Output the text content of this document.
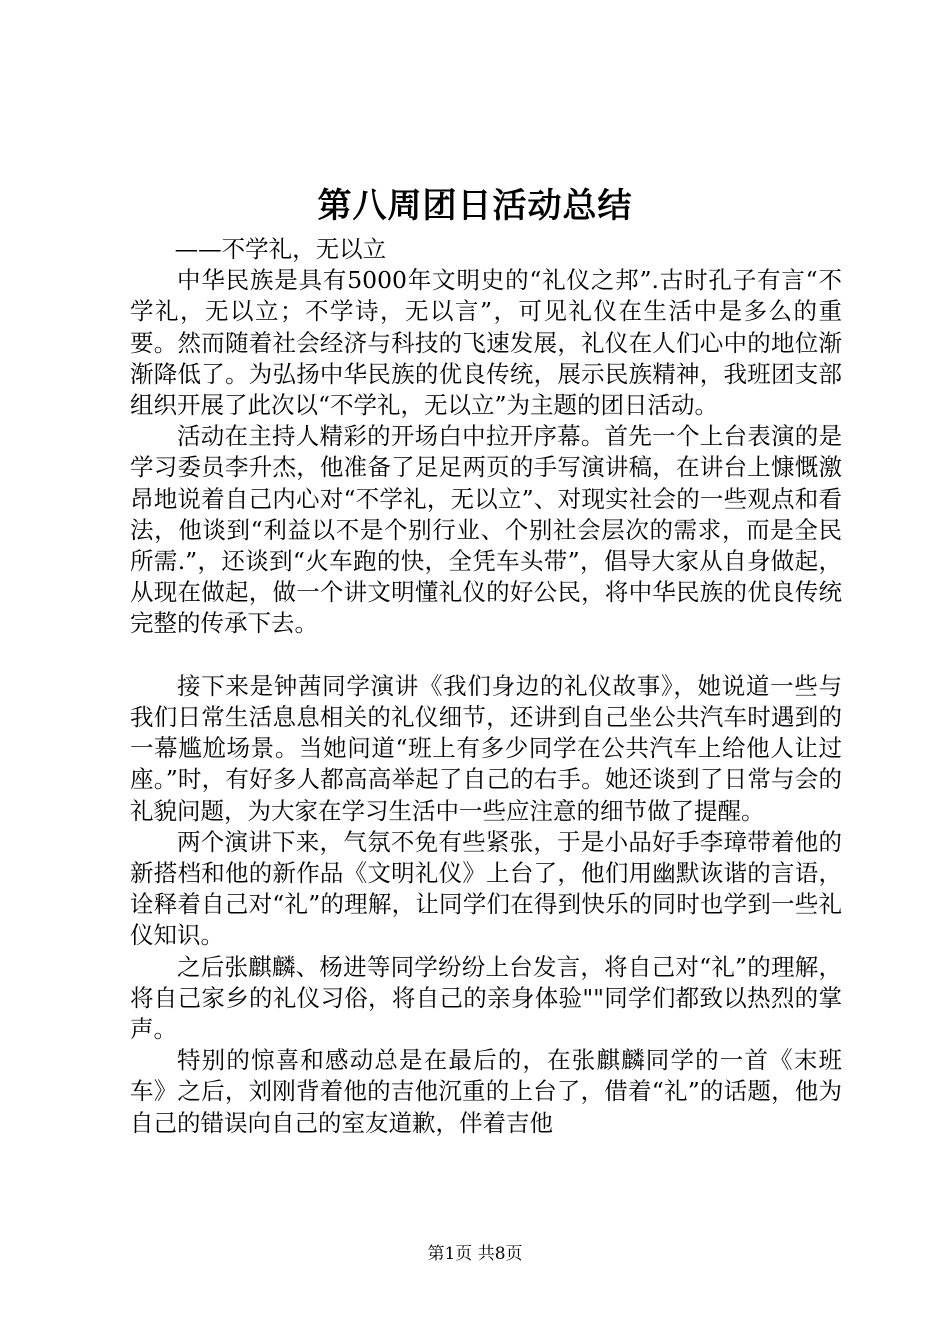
第八周团日活动总结

——不学礼，无以立

中华民族是具有5000年文明史的“礼仪之邦”.古时孔子有言“不学礼，无以立；不学诗，无以言”，可见礼仪在生活中是多么的重要。然而随着社会经济与科技的飞速发展，礼仪在人们心中的地位渐渐降低了。为弘扬中华民族的优良传统，展示民族精神，我班团支部组织开展了此次以“不学礼，无以立”为主题的团日活动。

活动在主持人精彩的开场白中拉开序幕。首先一个上台表演的是学习委员李升杰，他准备了足足两页的手写演讲稿，在讲台上慷慨激昂地说着自己内心对“不学礼，无以立”、对现实社会的一些观点和看法，他谈到“利益以不是个别行业、个别社会层次的需求，而是全民所需.”，还谈到“火车跑的快，全凭车头带”，倡导大家从自身做起，从现在做起，做一个讲文明懂礼仪的好公民，将中华民族的优良传统完整的传承下去。

接下来是钟茜同学演讲《我们身边的礼仪故事》，她说道一些与我们日常生活息息相关的礼仪细节，还讲到自己坐公共汽车时遇到的一幕尴尬场景。当她问道“班上有多少同学在公共汽车上给他人让过座。”时，有好多人都高高举起了自己的右手。她还谈到了日常与会的礼貌问题，为大家在学习生活中一些应注意的细节做了提醒。

两个演讲下来，气氛不免有些紧张，于是小品好手李璋带着他的新搭档和他的新作品《文明礼仪》上台了，他们用幽默诙谐的言语，诠释着自己对“礼”的理解，让同学们在得到快乐的同时也学到一些礼仪知识。

之后张麒麟、杨进等同学纷纷上台发言，将自己对“礼”的理解，将自己家乡的礼仪习俗，将自己的亲身体验""同学们都致以热烈的掌声。

特别的惊喜和感动总是在最后的，在张麒麟同学的一首《末班车》之后，刘刚背着他的吉他沉重的上台了，借着“礼”的话题，他为自己的错误向自己的室友道歉，伴着吉他

第1页 共8页
